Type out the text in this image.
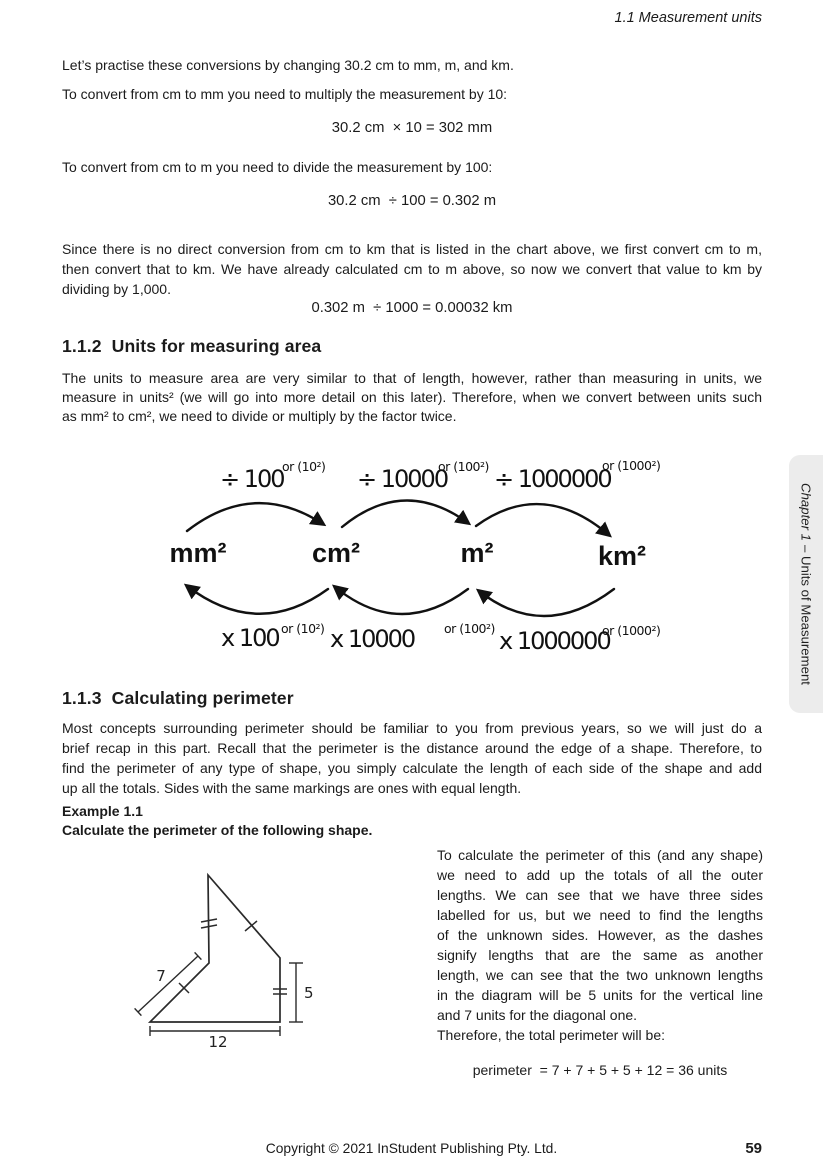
1.1 Measurement units
Let’s practise these conversions by changing 30.2 cm to mm, m, and km.
To convert from cm to mm you need to multiply the measurement by 10:
30.2 cm  × 10 = 302 mm
To convert from cm to m you need to divide the measurement by 100:
30.2 cm  ÷ 100 = 0.302 m
Since there is no direct conversion from cm to km that is listed in the chart above, we first convert cm to m,
then convert that to km. We have already calculated cm to m above, so now we convert that value to km by
dividing by 1,000.
0.302 m  ÷ 1000 = 0.00032 km
1.1.2 Units for measuring area
The units to measure area are very similar to that of length, however, rather than measuring in units, we
measure in units² (we will go into more detail on this later). Therefore, when we convert between units such
as mm² to cm², we need to divide or multiply by the factor twice.
mm²	cm²	m²	km²
÷ 100
or (10²) ÷ 10000
or (100²) ÷ 1000000
or (1000²)
x 100 or (10²) x 10000 or (100²) x 1000000
or (1000²)
Chapter 1– Units of Measurement
1.1.3 Calculating perimeter
Most concepts surrounding perimeter should be familiar to you from previous years, so we will just do a
brief recap in this part. Recall that the perimeter is the distance around the edge of a shape. Therefore, to
find the perimeter of any type of shape, you simply calculate the length of each side of the shape and add
up all the totals. Sides with the same markings are ones with equal length.
Example 1.1
Calculate the perimeter of the following shape.
7
5
12
To calculate the perimeter of this (and any shape)
we need to add up the totals of all the outer
lengths. We can see that we have three sides
labelled for us, but we need to find the lengths
of the unknown sides. However, as the dashes
signify lengths that are the same as another
length, we can see that the two unknown lengths
in the diagram will be 5 units for the vertical line
and 7 units for the diagonal one.
Therefore, the total perimeter will be:
perimeter  = 7 + 7 + 5 + 5 + 12 = 36 units
Copyright © 2021 InStudent Publishing Pty. Ltd.	59
